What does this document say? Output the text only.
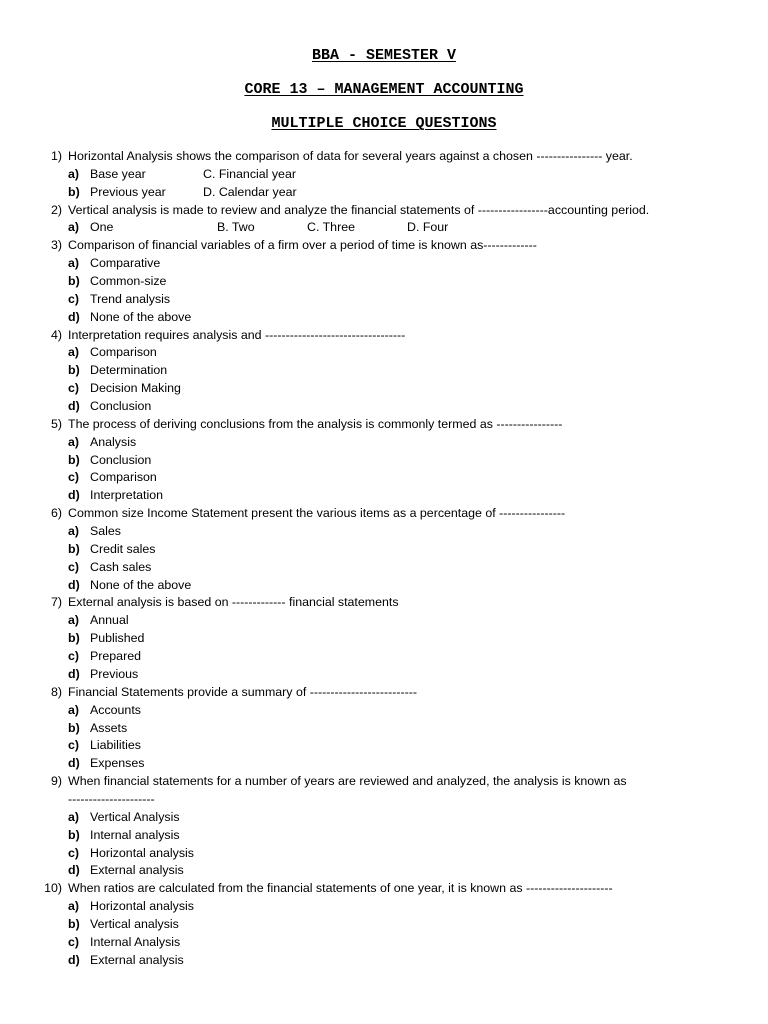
BBA - SEMESTER V
CORE 13 – MANAGEMENT ACCOUNTING
MULTIPLE CHOICE QUESTIONS
1) Horizontal Analysis shows the comparison of data for several years against a chosen ---------------- year.
a) Base year	C. Financial year
b) Previous year	D. Calendar year
2) Vertical analysis is made to review and analyze the financial statements of -----------------accounting period.
a) One	B. Two	C. Three	D. Four
3) Comparison of financial variables of a firm over a period of time is known as-------------
a) Comparative
b) Common-size
c) Trend analysis
d) None of the above
4) Interpretation requires analysis and ----------------------------------
a) Comparison
b) Determination
c) Decision Making
d) Conclusion
5) The process of deriving conclusions from the analysis is commonly termed as ----------------
a) Analysis
b) Conclusion
c) Comparison
d) Interpretation
6) Common size Income Statement present the various items as a percentage of ----------------
a) Sales
b) Credit sales
c) Cash sales
d) None of the above
7) External analysis is based on ------------- financial statements
a) Annual
b) Published
c) Prepared
d) Previous
8) Financial Statements provide a summary of --------------------------
a) Accounts
b) Assets
c) Liabilities
d) Expenses
9) When financial statements for a number of years are reviewed and analyzed, the analysis is known as
---------------------
a) Vertical Analysis
b) Internal analysis
c) Horizontal analysis
d) External analysis
10) When ratios are calculated from the financial statements of one year, it is known as ---------------------
a) Horizontal analysis
b) Vertical analysis
c) Internal Analysis
d) External analysis
